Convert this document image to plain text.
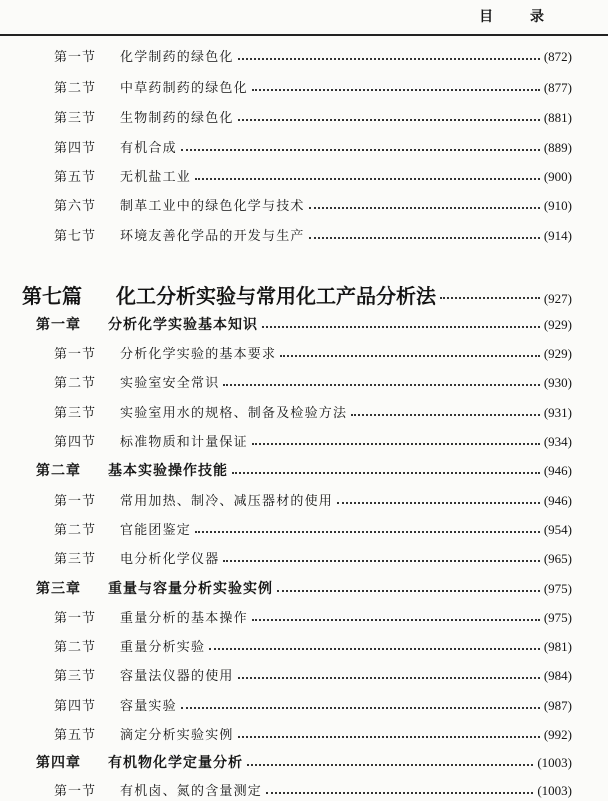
目 录
第一节	化学制药的绿色化	(872)
第二节	中草药制药的绿色化	(877)
第三节	生物制药的绿色化	(881)
第四节	有机合成	(889)
第五节	无机盐工业	(900)
第六节	制革工业中的绿色化学与技术	(910)
第七节	环境友善化学品的开发与生产	(914)
第七篇	化工分析实验与常用化工产品分析法	(927)
第一章	分析化学实验基本知识	(929)
第一节	分析化学实验的基本要求	(929)
第二节	实验室安全常识	(930)
第三节	实验室用水的规格、制备及检验方法	(931)
第四节	标准物质和计量保证	(934)
第二章	基本实验操作技能	(946)
第一节	常用加热、制冷、减压器材的使用	(946)
第二节	官能团鉴定	(954)
第三节	电分析化学仪器	(965)
第三章	重量与容量分析实验实例	(975)
第一节	重量分析的基本操作	(975)
第二节	重量分析实验	(981)
第三节	容量法仪器的使用	(984)
第四节	容量实验	(987)
第五节	滴定分析实验实例	(992)
第四章	有机物化学定量分析	(1003)
第一节	有机卤、氮的含量测定	(1003)
